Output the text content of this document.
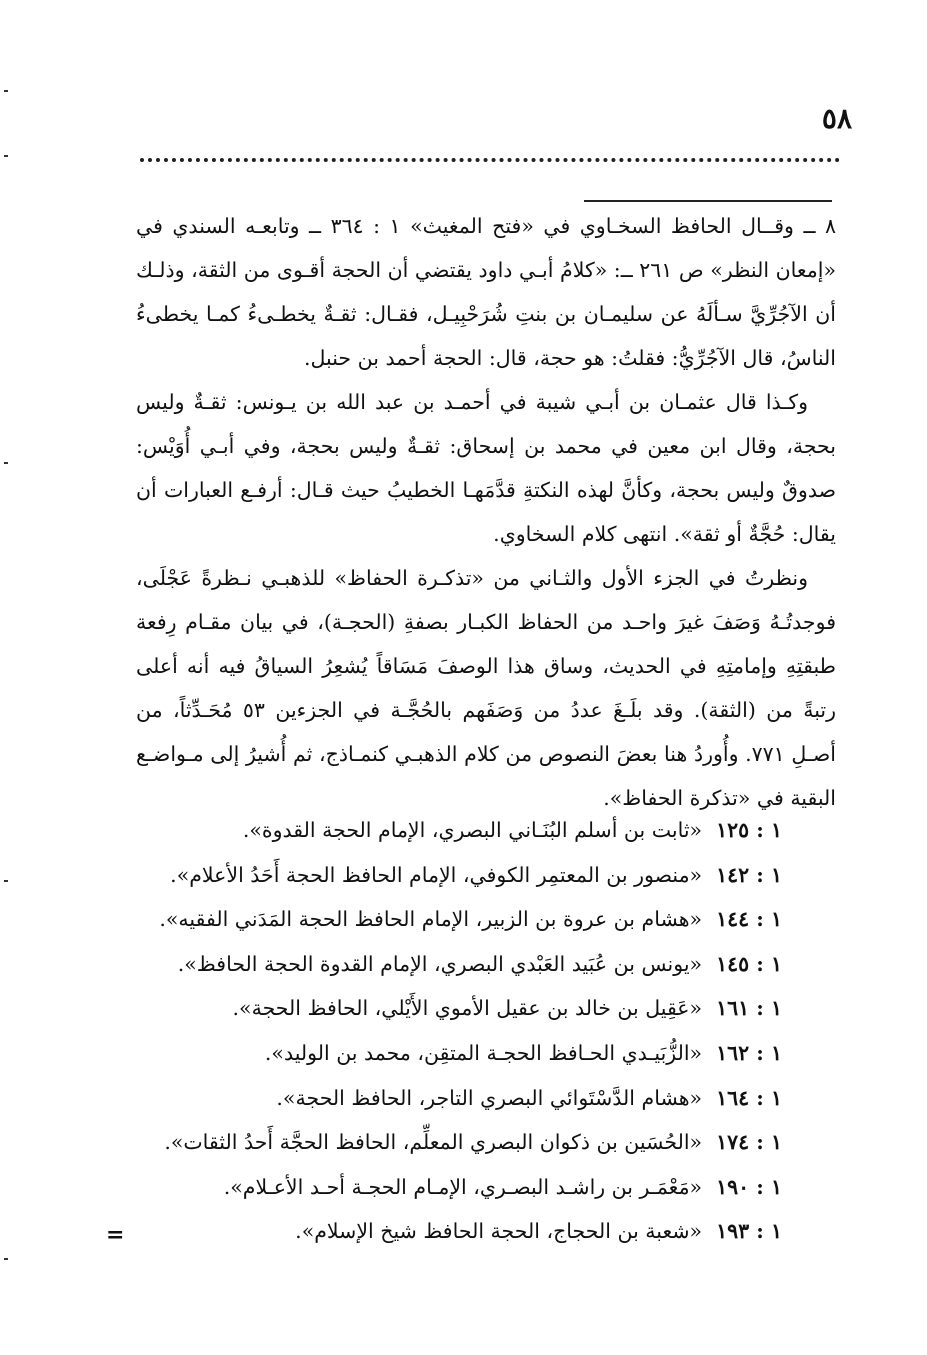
٥٨

٨ ــ وقــال الحافظ السخـاوي في «فتح المغيث» ١ : ٣٦٤ ــ وتابعـه السندي في «إمعان النظر» ص ٢٦١ ــ: «كلامُ أبـي داود يقتضي أن الحجة أقـوى من الثقة، وذلـك أن الآجُرِّيَّ سـألَهُ عن سليمـان بن بنتِ شُرَحْبِيـل، فقـال: ثقـةٌ يخطـىءُ كمـا يخطىءُ الناسُ، قال الآجُرِّيُّ: فقلتُ: هو حجة، قال: الحجة أحمد بن حنبل.

وكـذا قال عثمـان بن أبـي شيبة في أحمـد بن عبد الله بن يـونس: ثقـةٌ وليس بحجة، وقال ابن معين في محمد بن إسحاق: ثقـةٌ وليس بحجة، وفي أبـي أُوَيْس: صدوقٌ وليس بحجة، وكأنَّ لهذه النكتةِ قدَّمَهـا الخطيبُ حيث قـال: أرفـع العبارات أن يقال: حُجَّةٌ أو ثقة». انتهى كلام السخاوي.

ونظرتُ في الجزء الأول والثـاني من «تذكـرة الحفاظ» للذهبـي نـظرةً عَجْلَى، فوجدتُـهُ وَصَفَ غيرَ واحـد من الحفاظ الكبـار بصفةِ (الحجـة)، في بيان مقـام رِفعة طبقتِهِ وإمامتِهِ في الحديث، وساق هذا الوصفَ مَسَاقاً يُشعِرُ السياقُ فيه أنه أعلى رتبةً من (الثقة). وقد بلَـغَ عددُ من وَصَفَهم بالحُجَّـة في الجزءين ٥٣ مُحَـدِّثاً، من أصـلِ ٧٧١. وأُوردُ هنا بعضَ النصوص من كلام الذهبـي كنمـاذج، ثم أُشيرُ إلى مـواضـع البقية في «تذكرة الحفاظ».

١ : ١٢٥«ثابت بن أسلم البُنَـاني البصري، الإمام الحجة القدوة».
١ : ١٤٢«منصور بن المعتمِر الكوفي، الإمام الحافظ الحجة أَحَدُ الأعلام».
١ : ١٤٤«هشام بن عروة بن الزبير، الإمام الحافظ الحجة المَدَني الفقيه».
١ : ١٤٥«يونس بن عُبَيد العَبْدي البصري، الإمام القدوة الحجة الحافظ».
١ : ١٦١«عَقِيل بن خالد بن عقيل الأموي الأَيْلي، الحافظ الحجة».
١ : ١٦٢«الزُّبَيـدي الحـافظ الحجـة المتقِن، محمد بن الوليد».
١ : ١٦٤«هشام الدَّسْتَوائي البصري التاجر، الحافظ الحجة».
١ : ١٧٤«الحُسَين بن ذكوان البصري المعلِّم، الحافظ الحجَّة أَحدُ الثقات».
١ : ١٩٠«مَعْمَـر بن راشـد البصـري، الإمـام الحجـة أحـد الأعـلام».
١ : ١٩٣«شعبة بن الحجاج، الحجة الحافظ شيخ الإسلام».
=
